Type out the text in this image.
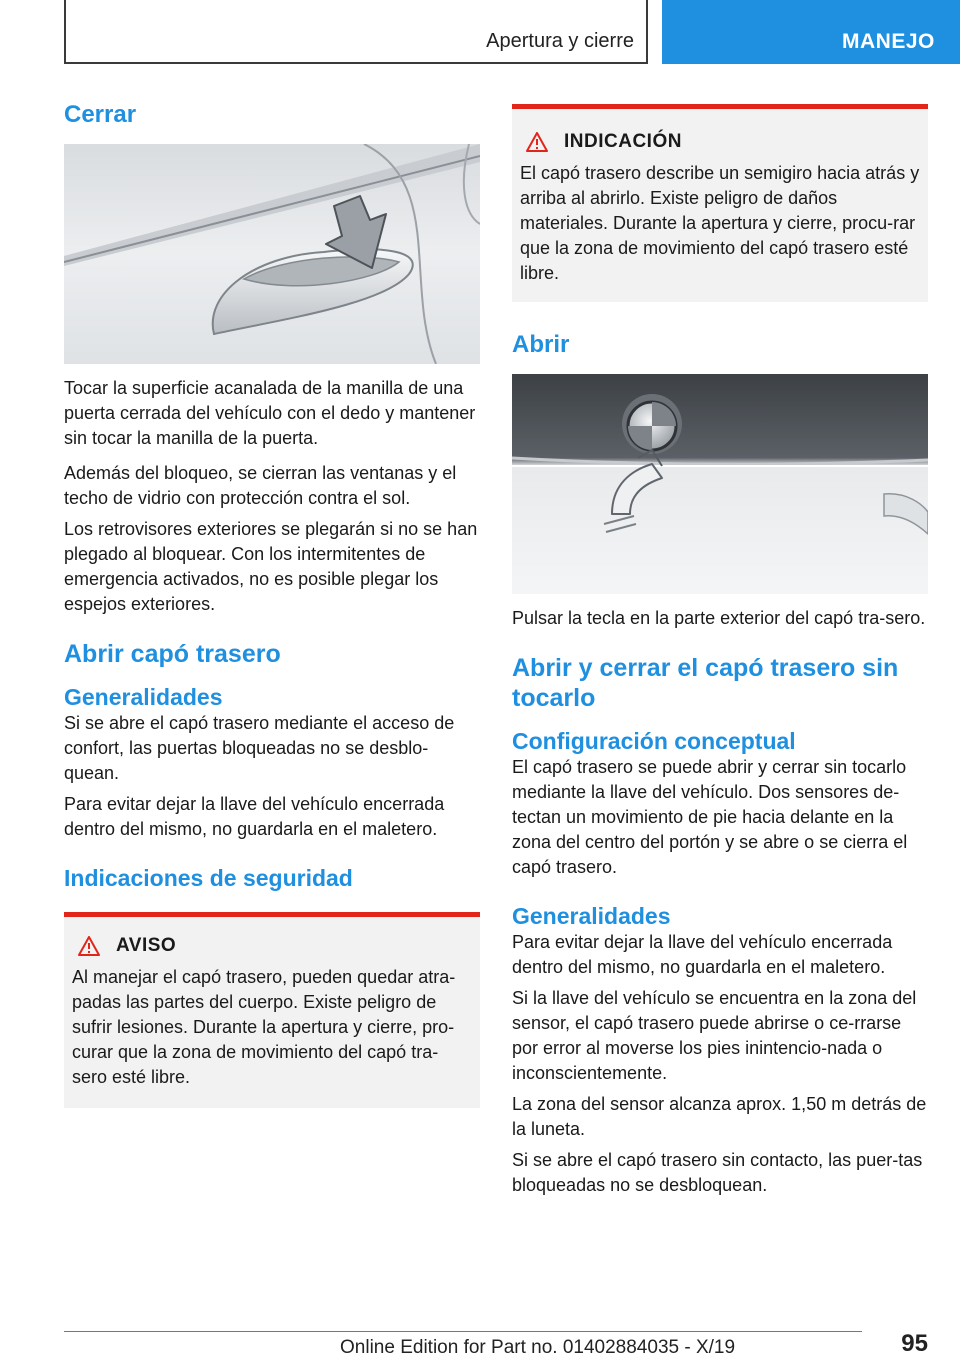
Apertura y cierre	MANEJO
Cerrar

Tocar la superficie acanalada de la manilla de una puerta cerrada del vehículo con el dedo y mantener sin tocar la manilla de la puerta.

Además del bloqueo, se cierran las ventanas y el techo de vidrio con protección contra el sol.

Los retrovisores exteriores se plegarán si no se han plegado al bloquear. Con los intermitentes de emergencia activados, no es posible plegar los espejos exteriores.

Abrir capó trasero
Generalidades

Si se abre el capó trasero mediante el acceso de confort, las puertas bloqueadas no se desblo‐quean.

Para evitar dejar la llave del vehículo encerrada dentro del mismo, no guardarla en el maletero.

Indicaciones de seguridad
AVISO

Al manejar el capó trasero, pueden quedar atra‐padas las partes del cuerpo. Existe peligro de sufrir lesiones. Durante la apertura y cierre, pro‐curar que la zona de movimiento del capó tra‐sero esté libre.

INDICACIÓN

El capó trasero describe un semigiro hacia atrás y arriba al abrirlo. Existe peligro de daños materiales. Durante la apertura y cierre, procu‐rar que la zona de movimiento del capó trasero esté libre.

Abrir

Pulsar la tecla en la parte exterior del capó tra‐sero.

Abrir y cerrar el capó trasero sin tocarlo
Configuración conceptual

El capó trasero se puede abrir y cerrar sin tocarlo mediante la llave del vehículo. Dos sensores de‐tectan un movimiento de pie hacia delante en la zona del centro del portón y se abre o se cierra el capó trasero.

Generalidades

Para evitar dejar la llave del vehículo encerrada dentro del mismo, no guardarla en el maletero.

Si la llave del vehículo se encuentra en la zona del sensor, el capó trasero puede abrirse o ce‐rrarse por error al moverse los pies inintencio‐nada o inconscientemente.

La zona del sensor alcanza aprox. 1,50 m detrás de la luneta.

Si se abre el capó trasero sin contacto, las puer‐tas bloqueadas no se desbloquean.

95
Online Edition for Part no. 01402884035 - X/19
